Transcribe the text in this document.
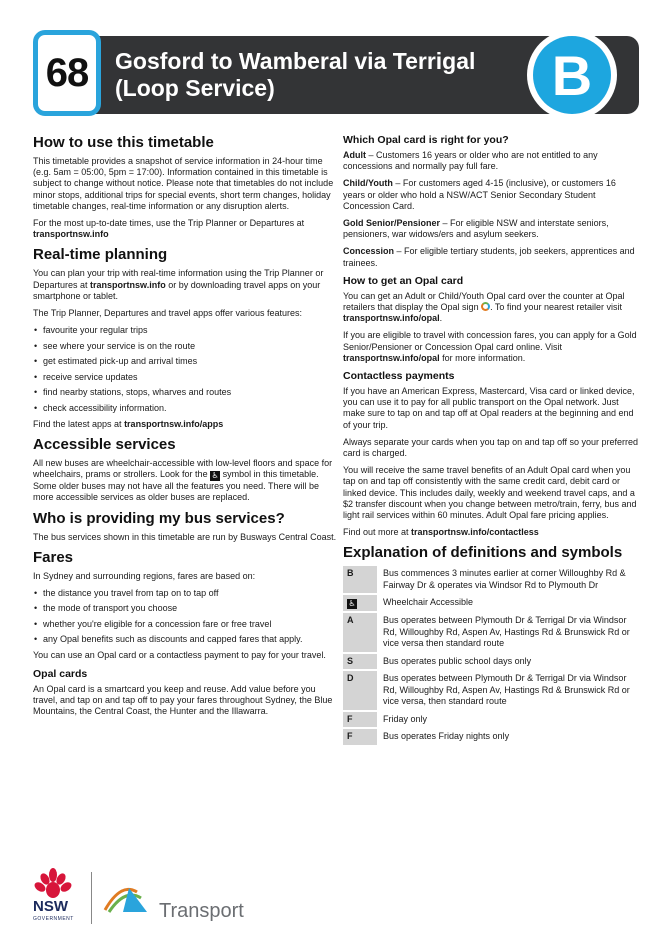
68 Gosford to Wamberal via Terrigal
(Loop Service)	B
How to use this timetable

This timetable provides a snapshot of service information in 24-hour time (e.g. 5am = 05:00, 5pm = 17:00). Information contained in this timetable is subject to change without notice. Please note that timetables do not include minor stops, additional trips for special events, short term changes, holiday timetable changes, real-time information or any disruption alerts.

For the most up-to-date times, use the Trip Planner or Departures at transportnsw.info

Real-time planning

You can plan your trip with real-time information using the Trip Planner or Departures at transportnsw.info or by downloading travel apps on your smartphone or tablet.

The Trip Planner, Departures and travel apps offer various features:

• favourite your regular trips
• see where your service is on the route
• get estimated pick-up and arrival times
• receive service updates
• find nearby stations, stops, wharves and routes
• check accessibility information.

Find the latest apps at transportnsw.info/apps

Accessible services

All new buses are wheelchair-accessible with low-level floors and space for wheelchairs, prams or strollers. Look for the ♿ symbol in this timetable. Some older buses may not have all the features you need. There will be more accessible services as older buses are replaced.

Who is providing my bus services?

The bus services shown in this timetable are run by Busways Central Coast.

Fares

In Sydney and surrounding regions, fares are based on:

• the distance you travel from tap on to tap off
• the mode of transport you choose
• whether you're eligible for a concession fare or free travel
• any Opal benefits such as discounts and capped fares that apply.

You can use an Opal card or a contactless payment to pay for your travel.

Opal cards

An Opal card is a smartcard you keep and reuse. Add value before you travel, and tap on and tap off to pay your fares throughout Sydney, the Blue Mountains, the Central Coast, the Hunter and the Illawarra.

Which Opal card is right for you?

Adult – Customers 16 years or older who are not entitled to any concessions and normally pay full fare.

Child/Youth – For customers aged 4-15 (inclusive), or customers 16 years or older who hold a NSW/ACT Senior Secondary Student Concession Card.

Gold Senior/Pensioner – For eligible NSW and interstate seniors, pensioners, war widows/ers and asylum seekers.

Concession – For eligible tertiary students, job seekers, apprentices and trainees.

How to get an Opal card

You can get an Adult or Child/Youth Opal card over the counter at Opal retailers that display the Opal sign . To find your nearest retailer visit transportnsw.info/opal.

If you are eligible to travel with concession fares, you can apply for a Gold Senior/Pensioner or Concession Opal card online. Visit transportnsw.info/opal for more information.

Contactless payments

If you have an American Express, Mastercard, Visa card or linked device, you can use it to pay for all public transport on the Opal network. Just make sure to tap on and tap off at Opal readers at the beginning and end of your trip.

Always separate your cards when you tap on and tap off so your preferred card is charged.

You will receive the same travel benefits of an Adult Opal card when you tap on and tap off consistently with the same credit card, debit card or linked device. This includes daily, weekly and weekend travel caps, and a $2 transfer discount when you change between metro/train, ferry, bus and light rail services within 60 minutes. Adult Opal fare pricing applies.

Find out more at transportnsw.info/contactless

Explanation of definitions and symbols
B	Bus commences 3 minutes earlier at corner Willoughby Rd & Fairway Dr & operates via Windsor Rd to Plymouth Dr
♿	Wheelchair Accessible
A	Bus operates between Plymouth Dr & Terrigal Dr via Windsor Rd, Willoughby Rd, Aspen Av, Hastings Rd & Brunswick Rd or vice versa then standard route
S	Bus operates public school days only
D	Bus operates between Plymouth Dr & Terrigal Dr via Windsor Rd, Willoughby Rd, Aspen Av, Hastings Rd & Brunswick Rd or vice versa, then standard route
F	Friday only
F	Bus operates Friday nights only
NSW
GOVERNMENT	Transport
